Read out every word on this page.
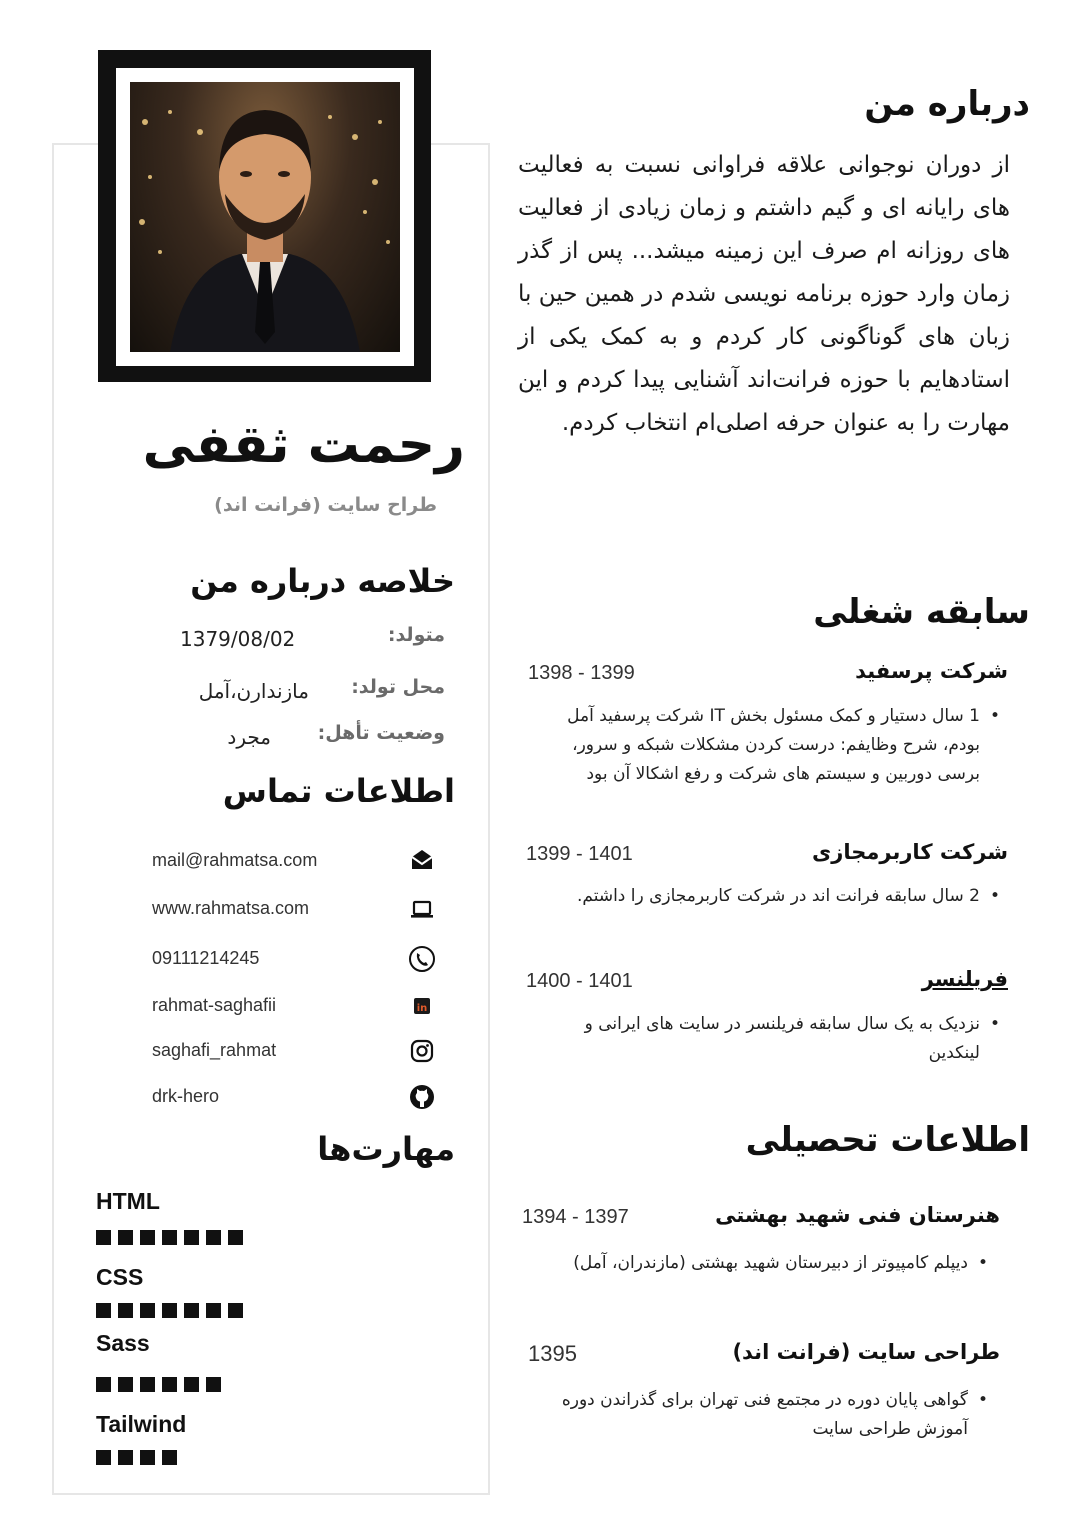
رحمت ثقفی
طراح سایت (فرانت اند)
خلاصه درباره من
متولد:
1379/08/02
محل تولد:
مازندارن،آمل
وضعیت تأهل:
مجرد
اطلاعات تماس
mail@rahmatsa.com
www.rahmatsa.com
09111214245
rahmat-saghafii	in
saghafi_rahmat
drk-hero
مهارت‌ها
HTML
CSS
Sass
Tailwind
درباره من
از دوران نوجوانی علاقه فراوانی نسبت به فعالیت های رایانه ای و گیم داشتم و زمان زیادی از فعالیت های روزانه ام صرف این زمینه میشد... پس از گذر زمان وارد حوزه برنامه نویسی شدم در همین حین با زبان های گوناگونی کار کردم و به کمک یکی از استادهایم با حوزه فرانت‌اند آشنایی پیدا کردم و این مهارت را به عنوان حرفه اصلی‌ام انتخاب کردم.
سابقه شغلی
شرکت پرسفید
1398 - 1399
• 1 سال دستیار و کمک مسئول بخش IT شرکت پرسفید آمل بودم، شرح وظایفم: درست کردن مشکلات شبکه و سرور، برسی دوربین و سیستم های شرکت و رفع اشکالا آن بود
شرکت کاربرمجازی
1399 - 1401
• 2 سال سابقه فرانت اند در شرکت کاربرمجازی را داشتم.
فریلنسر
1400 - 1401
• نزدیک به یک سال سابقه فریلنسر در سایت های ایرانی و لینکدین
اطلاعات تحصیلی
هنرستان فنی شهید بهشتی
1394 - 1397
• دیپلم کامپیوتر از دبیرستان شهید بهشتی (مازندران، آمل)
طراحی سایت (فرانت اند)
1395
• گواهی پایان دوره در مجتمع فنی تهران برای گذراندن دوره آموزش طراحی سایت
